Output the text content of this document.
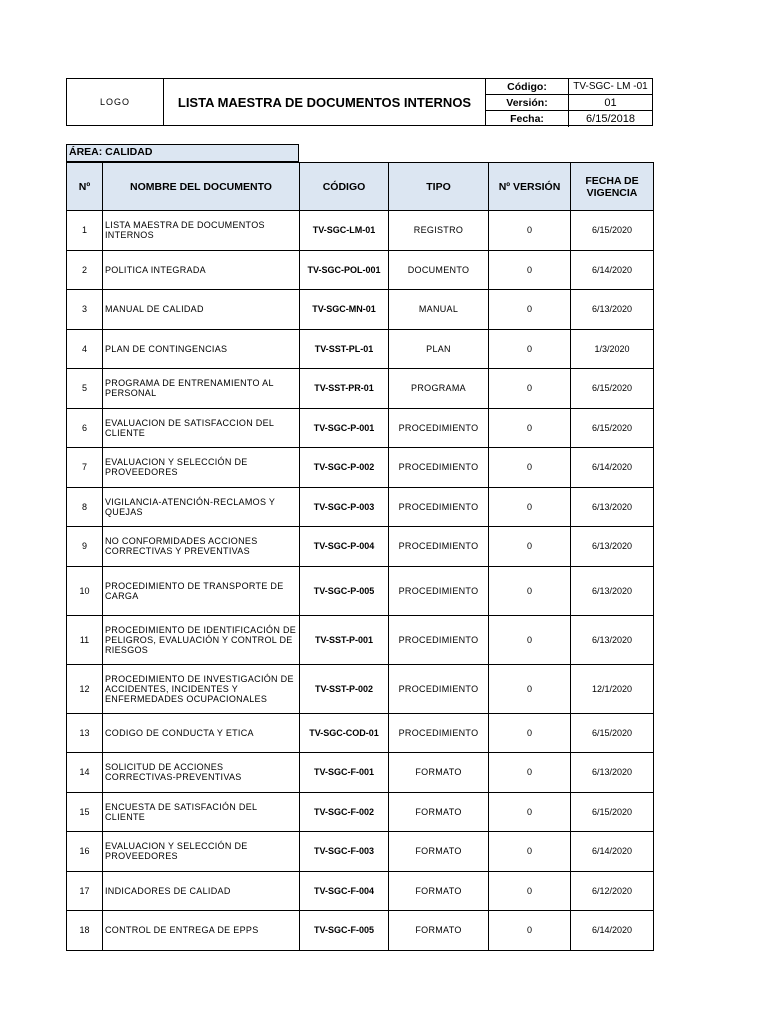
LOGO	LISTA MAESTRA DE DOCUMENTOS INTERNOS
Código:	TV-SGC- LM -01
Versión:	01
Fecha:	6/15/2018
ÁREA: CALIDAD
Nº	NOMBRE DEL DOCUMENTO	CÓDIGO	TIPO	Nº VERSIÓN	FECHA DE VIGENCIA
1	LISTA MAESTRA DE DOCUMENTOS INTERNOS	TV-SGC-LM-01	REGISTRO	0	6/15/2020
2	POLITICA INTEGRADA	TV-SGC-POL-001	DOCUMENTO	0	6/14/2020
3	MANUAL DE CALIDAD	TV-SGC-MN-01	MANUAL	0	6/13/2020
4	PLAN DE CONTINGENCIAS	TV-SST-PL-01	PLAN	0	1/3/2020
5	PROGRAMA DE ENTRENAMIENTO AL PERSONAL	TV-SST-PR-01	PROGRAMA	0	6/15/2020
6	EVALUACION DE SATISFACCION DEL CLIENTE	TV-SGC-P-001	PROCEDIMIENTO	0	6/15/2020
7	EVALUACION Y SELECCIÓN DE PROVEEDORES	TV-SGC-P-002	PROCEDIMIENTO	0	6/14/2020
8	VIGILANCIA-ATENCIÓN-RECLAMOS Y QUEJAS	TV-SGC-P-003	PROCEDIMIENTO	0	6/13/2020
9	NO CONFORMIDADES ACCIONES CORRECTIVAS Y PREVENTIVAS	TV-SGC-P-004	PROCEDIMIENTO	0	6/13/2020
10	PROCEDIMIENTO DE TRANSPORTE DE CARGA	TV-SGC-P-005	PROCEDIMIENTO	0	6/13/2020
11	PROCEDIMIENTO DE IDENTIFICACIÓN DE PELIGROS, EVALUACIÓN Y CONTROL DE RIESGOS	TV-SST-P-001	PROCEDIMIENTO	0	6/13/2020
12	PROCEDIMIENTO DE INVESTIGACIÓN DE ACCIDENTES, INCIDENTES Y ENFERMEDADES OCUPACIONALES	TV-SST-P-002	PROCEDIMIENTO	0	12/1/2020
13	CODIGO DE CONDUCTA Y ETICA	TV-SGC-COD-01	PROCEDIMIENTO	0	6/15/2020
14	SOLICITUD DE ACCIONES CORRECTIVAS-PREVENTIVAS	TV-SGC-F-001	FORMATO	0	6/13/2020
15	ENCUESTA DE SATISFACIÓN DEL CLIENTE	TV-SGC-F-002	FORMATO	0	6/15/2020
16	EVALUACION Y SELECCIÓN DE PROVEEDORES	TV-SGC-F-003	FORMATO	0	6/14/2020
17	INDICADORES DE CALIDAD	TV-SGC-F-004	FORMATO	0	6/12/2020
18	CONTROL DE ENTREGA DE EPPS	TV-SGC-F-005	FORMATO	0	6/14/2020
